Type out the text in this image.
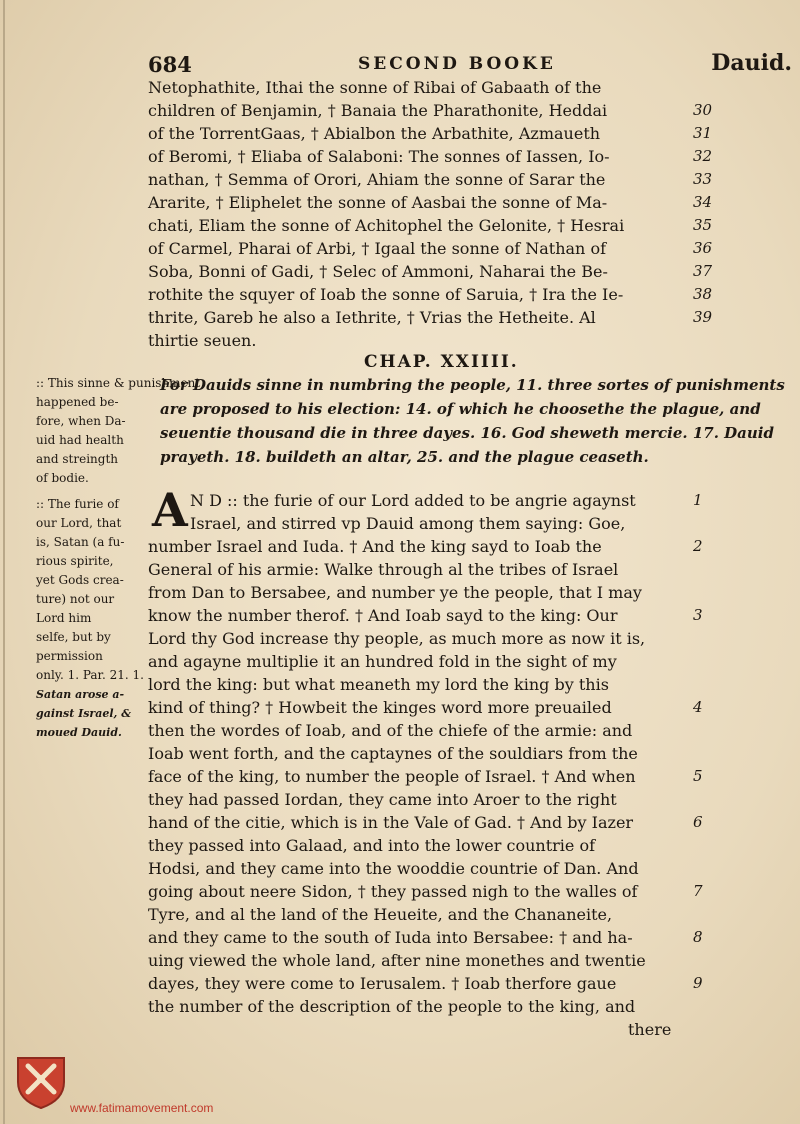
684	SECOND BOOKE	Dauid.
Netophathite, Ithai the sonne of Ribai of Gabaath of the
children of Benjamin, † Banaia the Pharathonite, Heddai
of the TorrentGaas, † Abialbon the Arbathite, Azmaueth
of Beromi, † Eliaba of Salaboni: The sonnes of Iassen, Io-
nathan, † Semma of Orori, Ahiam the sonne of Sarar the
Ararite, † Eliphelet the sonne of Aasbai the sonne of Ma-
chati, Eliam the sonne of Achitophel the Gelonite, † Hesrai
of Carmel, Pharai of Arbi, † Igaal the sonne of Nathan of
Soba, Bonni of Gadi, † Selec of Ammoni, Naharai the Be-
rothite the squyer of Ioab the sonne of Saruia, † Ira the Ie-
thrite, Gareb he also a Iethrite, † Vrias the Hetheite. Al
thirtie seuen.
30
31
32
33
34
35
36
37
38
39
CHAP. XXIIII.
For Dauids sinne in numbring the people, 11. three sortes of punishments
are proposed to his election: 14. of which he choosethe the plague, and
seuentie thousand die in three dayes. 16. God sheweth mercie. 17. Dauid
prayeth. 18. buildeth an altar, 25. and the plague ceaseth.
:: This sinne & punishment
happened be-
fore, when Da-
uid had health
and streingth
of bodie.
:: The furie of
our Lord, that
is, Satan (a fu-
rious spirite,
yet Gods crea-
ture) not our
Lord him
selfe, but by
permission
only. 1. Par. 21. 1.
Satan arose a-
gainst Israel, &
moued Dauid.
A N D :: the furie of our Lord added to be angrie agaynst
Israel, and stirred vp Dauid among them saying: Goe,
number Israel and Iuda. † And the king sayd to Ioab the
General of his armie: Walke through al the tribes of Israel
from Dan to Bersabee, and number ye the people, that I may
know the number therof. † And Ioab sayd to the king: Our
Lord thy God increase thy people, as much more as now it is,
and agayne multiplie it an hundred fold in the sight of my
lord the king: but what meaneth my lord the king by this
kind of thing? † Howbeit the kinges word more preuailed
then the wordes of Ioab, and of the chiefe of the armie: and
Ioab went forth, and the captaynes of the souldiars from the
face of the king, to number the people of Israel. † And when
they had passed Iordan, they came into Aroer to the right
hand of the citie, which is in the Vale of Gad. † And by Iazer
they passed into Galaad, and into the lower countrie of
Hodsi, and they came into the wooddie countrie of Dan. And
going about neere Sidon, † they passed nigh to the walles of
Tyre, and al the land of the Heueite, and the Chananeite,
and they came to the south of Iuda into Bersabee: † and ha-
uing viewed the whole land, after nine monethes and twentie
dayes, they were come to Ierusalem. † Ioab therfore gaue
the number of the description of the people to the king, and
there
1
2
3
4
5
6
7
8
9
www.fatimamovement.com
